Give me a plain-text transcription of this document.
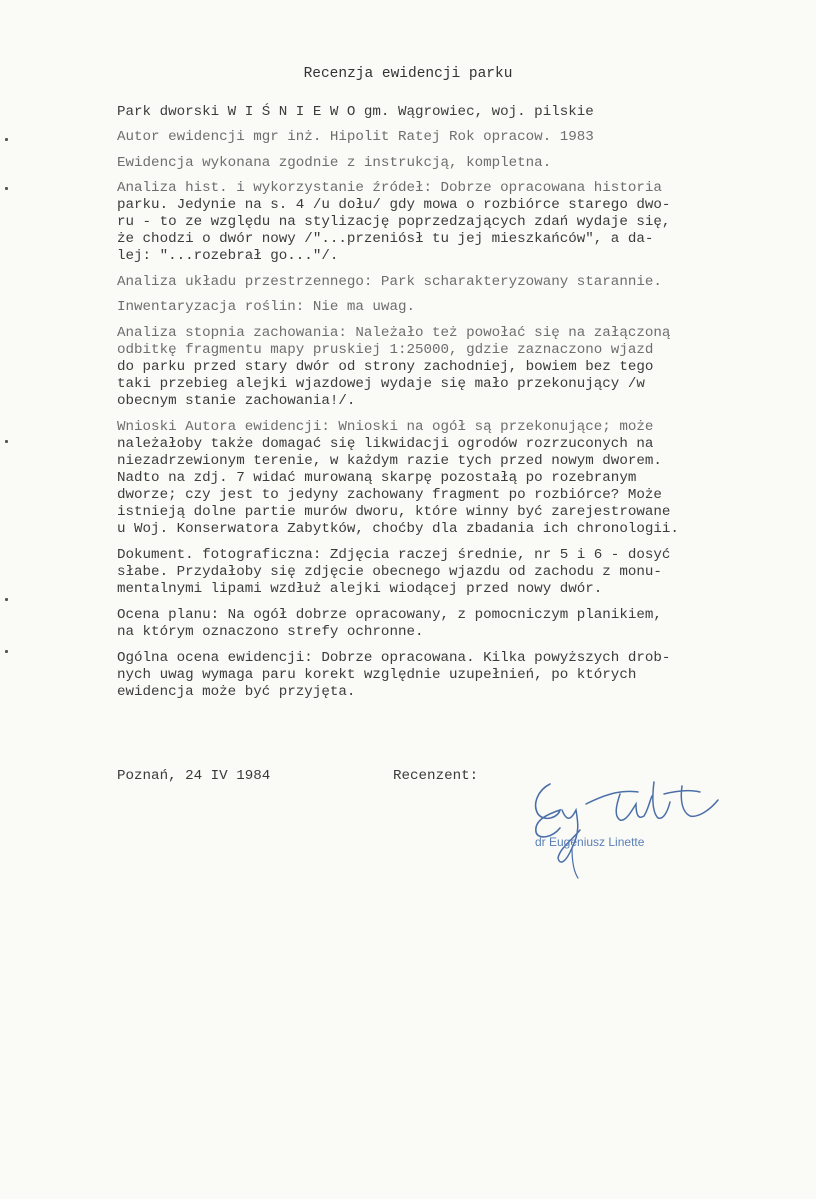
Recenzja ewidencji parku
Park dworski W I Ś N I E W O gm. Wągrowiec, woj. pilskie
Autor ewidencji mgr inż. Hipolit Ratej Rok opracow. 1983
Ewidencja wykonana zgodnie z instrukcją, kompletna.
Analiza hist. i wykorzystanie źródeł: Dobrze opracowana historia
parku. Jedynie na s. 4 /u dołu/ gdy mowa o rozbiórce starego dwo-
ru - to ze względu na stylizację poprzedzających zdań wydaje się,
że chodzi o dwór nowy /"...przeniósł tu jej mieszkańców", a da-
lej: "...rozebrał go..."/.
Analiza układu przestrzennego: Park scharakteryzowany starannie.
Inwentaryzacja roślin: Nie ma uwag.
Analiza stopnia zachowania: Należało też powołać się na załączoną
odbitkę fragmentu mapy pruskiej 1:25000, gdzie zaznaczono wjazd
do parku przed stary dwór od strony zachodniej, bowiem bez tego
taki przebieg alejki wjazdowej wydaje się mało przekonujący /w
obecnym stanie zachowania!/.
Wnioski Autora ewidencji: Wnioski na ogół są przekonujące; może
należałoby także domagać się likwidacji ogrodów rozrzuconych na
niezadrzewionym terenie, w każdym razie tych przed nowym dworem.
Nadto na zdj. 7 widać murowaną skarpę pozostałą po rozebranym
dworze; czy jest to jedyny zachowany fragment po rozbiórce? Może
istnieją dolne partie murów dworu, które winny być zarejestrowane
u Woj. Konserwatora Zabytków, choćby dla zbadania ich chronologii.
Dokument. fotograficzna: Zdjęcia raczej średnie, nr 5 i 6 - dosyć
słabe. Przydałoby się zdjęcie obecnego wjazdu od zachodu z monu-
mentalnymi lipami wzdłuż alejki wiodącej przed nowy dwór.
Ocena planu: Na ogół dobrze opracowany, z pomocniczym planikiem,
na którym oznaczono strefy ochronne.
Ogólna ocena ewidencji: Dobrze opracowana. Kilka powyższych drob-
nych uwag wymaga paru korekt względnie uzupełnień, po których
ewidencja może być przyjęta.
Poznań, 24 IV 1984	Recenzent:
dr Eugeniusz Linette
